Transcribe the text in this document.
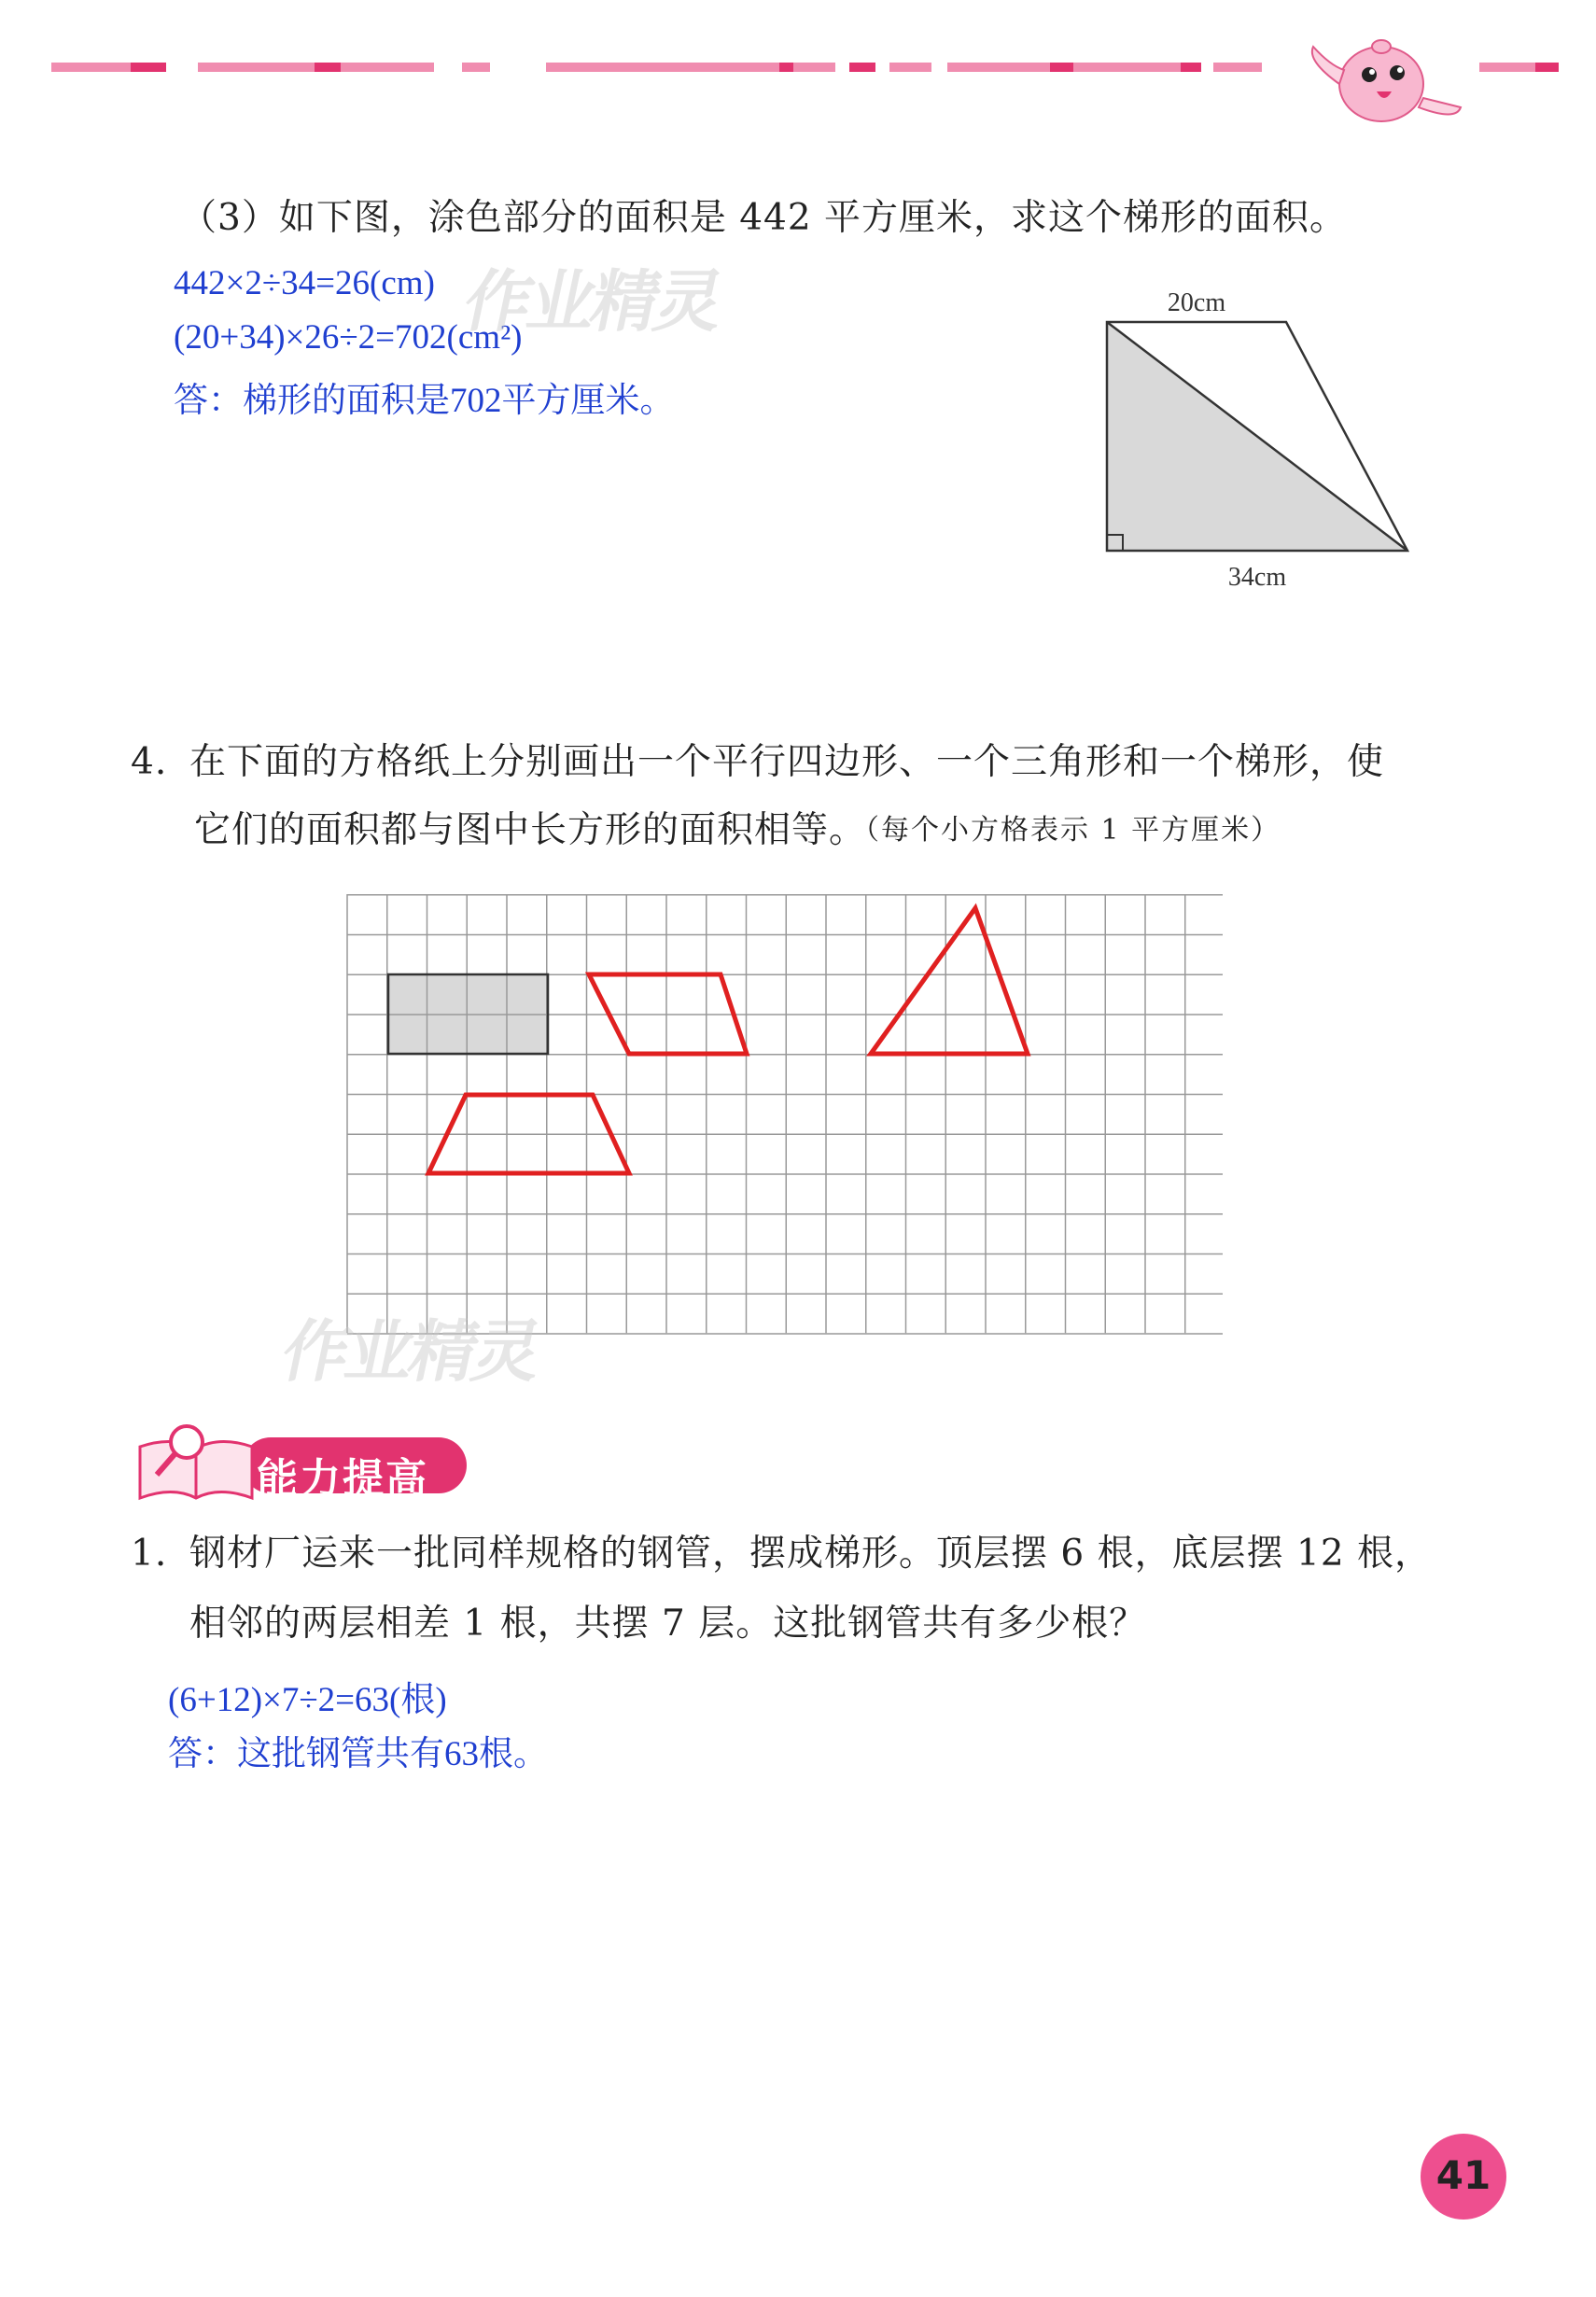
（3）如下图，涂色部分的面积是 442 平方厘米，求这个梯形的面积。
442×2÷34=26(cm)
(20+34)×26÷2=702(cm²)
答：梯形的面积是702平方厘米。
作业精灵	20cm
34cm
4. 在下面的方格纸上分别画出一个平行四边形、一个三角形和一个梯形，使
它们的面积都与图中长方形的面积相等。
（每个小方格表示 1 平方厘米）
作业精灵
能力提高
1. 钢材厂运来一批同样规格的钢管，摆成梯形。顶层摆 6 根，底层摆 12 根，
相邻的两层相差 1 根，共摆 7 层。这批钢管共有多少根？
(6+12)×7÷2=63(根)
答：这批钢管共有63根。
41
